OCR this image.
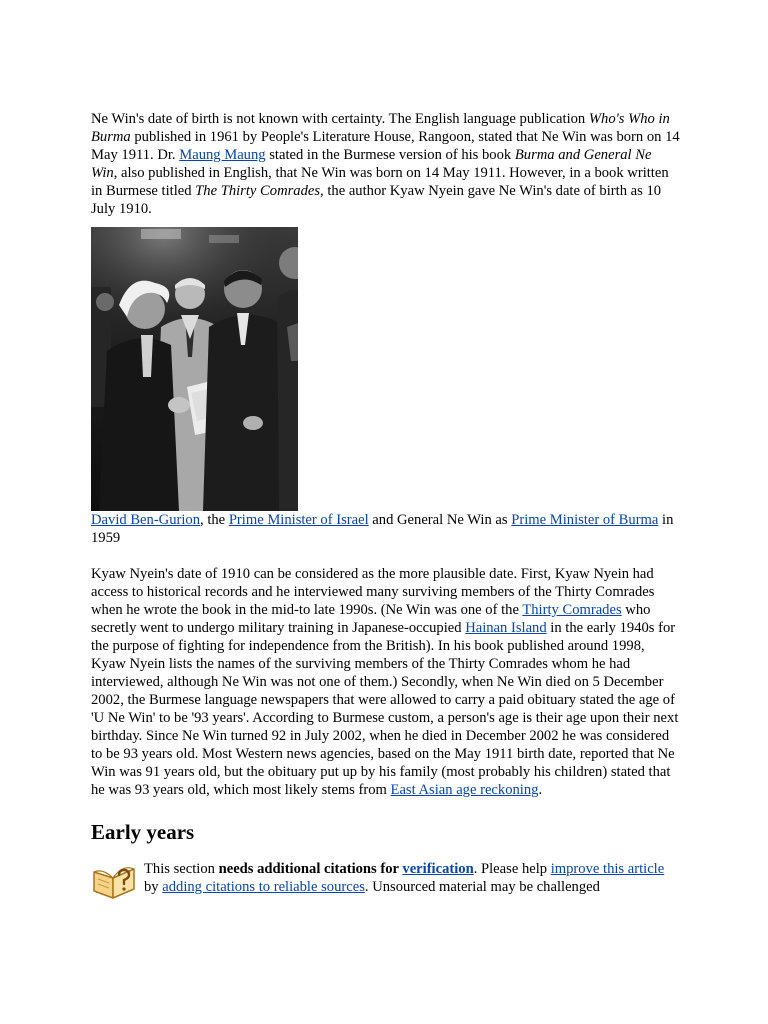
Ne Win's date of birth is not known with certainty. The English language publication Who's Who in Burma published in 1961 by People's Literature House, Rangoon, stated that Ne Win was born on 14 May 1911. Dr. Maung Maung stated in the Burmese version of his book Burma and General Ne Win, also published in English, that Ne Win was born on 14 May 1911. However, in a book written in Burmese titled The Thirty Comrades, the author Kyaw Nyein gave Ne Win's date of birth as 10 July 1910.

David Ben-Gurion, the Prime Minister of Israel and General Ne Win as Prime Minister of Burma in 1959

Kyaw Nyein's date of 1910 can be considered as the more plausible date. First, Kyaw Nyein had access to historical records and he interviewed many surviving members of the Thirty Comrades when he wrote the book in the mid-to late 1990s. (Ne Win was one of the Thirty Comrades who secretly went to undergo military training in Japanese-occupied Hainan Island in the early 1940s for the purpose of fighting for independence from the British). In his book published around 1998, Kyaw Nyein lists the names of the surviving members of the Thirty Comrades whom he had interviewed, although Ne Win was not one of them.) Secondly, when Ne Win died on 5 December 2002, the Burmese language newspapers that were allowed to carry a paid obituary stated the age of 'U Ne Win' to be '93 years'. According to Burmese custom, a person's age is their age upon their next birthday. Since Ne Win turned 92 in July 2002, when he died in December 2002 he was considered to be 93 years old. Most Western news agencies, based on the May 1911 birth date, reported that Ne Win was 91 years old, but the obituary put up by his family (most probably his children) stated that he was 93 years old, which most likely stems from East Asian age reckoning.

Early years

This section needs additional citations for verification. Please help improve this article by adding citations to reliable sources. Unsourced material may be challenged
